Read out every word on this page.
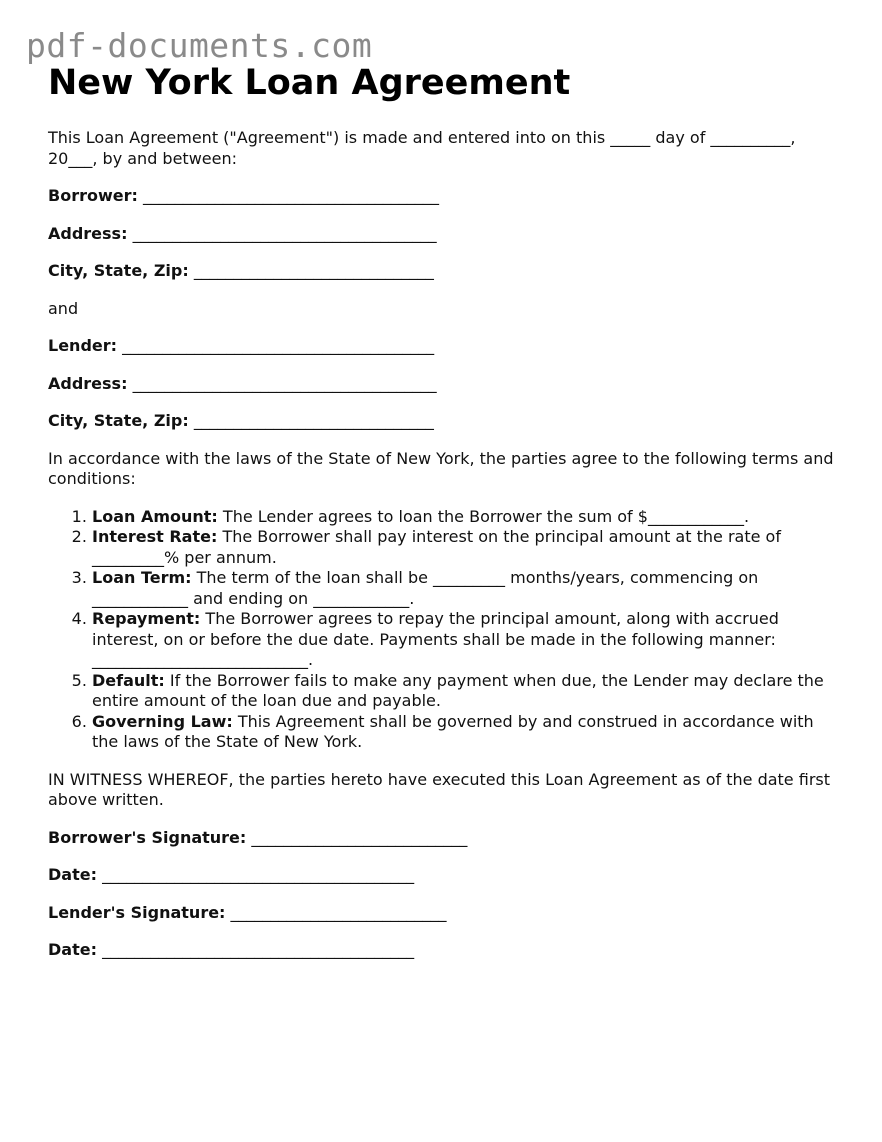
pdf-documents.com
New York Loan Agreement

This Loan Agreement ("Agreement") is made and entered into on this _____ day of __________, 20___, by and between:

Borrower: _____________________________________

Address: ______________________________________

City, State, Zip: ______________________________

and

Lender: _______________________________________

Address: ______________________________________

City, State, Zip: ______________________________

In accordance with the laws of the State of New York, the parties agree to the following terms and conditions:

1. Loan Amount: The Lender agrees to loan the Borrower the sum of $____________.
2. Interest Rate: The Borrower shall pay interest on the principal amount at the rate of _________% per annum.
3. Loan Term: The term of the loan shall be _________ months/years, commencing on ____________ and ending on ____________.
4. Repayment: The Borrower agrees to repay the principal amount, along with accrued interest, on or before the due date. Payments shall be made in the following manner: ___________________________.
5. Default: If the Borrower fails to make any payment when due, the Lender may declare the entire amount of the loan due and payable.
6. Governing Law: This Agreement shall be governed by and construed in accordance with the laws of the State of New York.

IN WITNESS WHEREOF, the parties hereto have executed this Loan Agreement as of the date first above written.

Borrower's Signature: ___________________________

Date: _______________________________________

Lender's Signature: ___________________________

Date: _______________________________________
